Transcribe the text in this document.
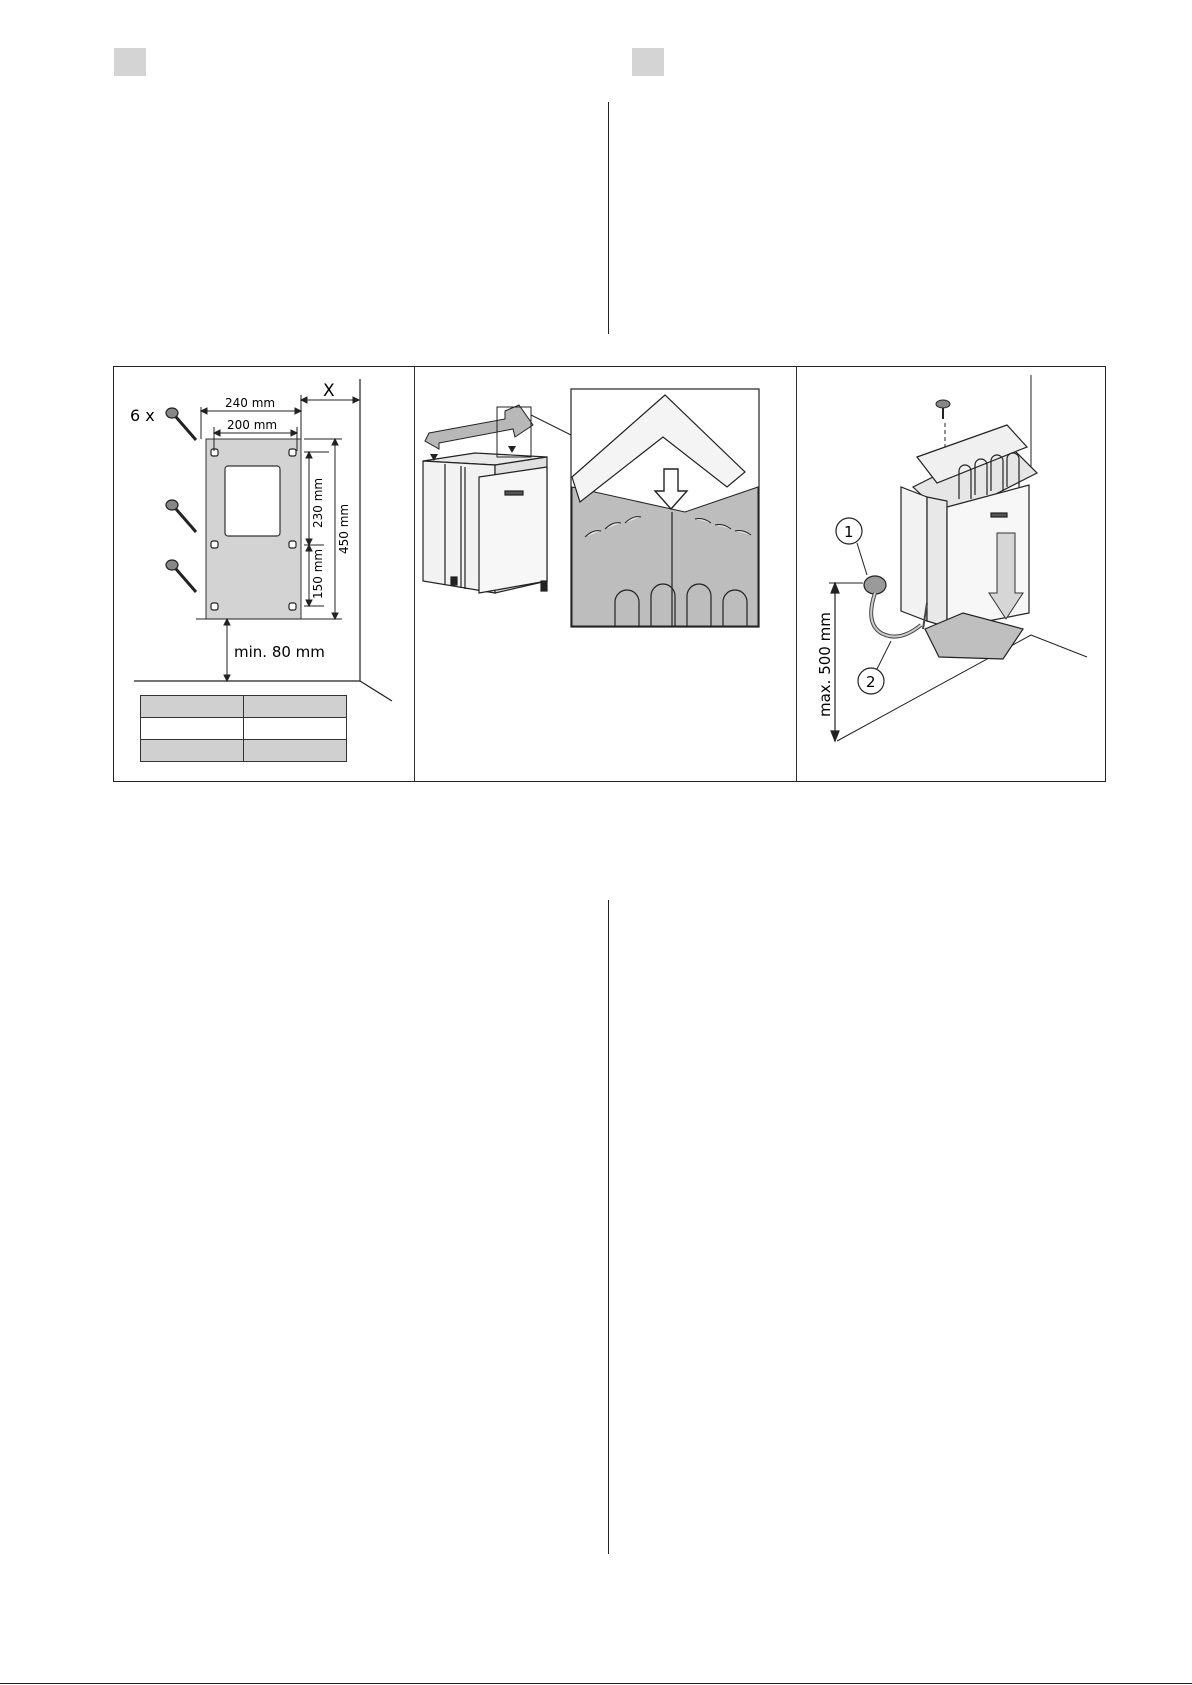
6 x
X
240 mm
200 mm
230 mm
150 mm
450 mm
min. 80 mm

1
2
max. 500 mm
